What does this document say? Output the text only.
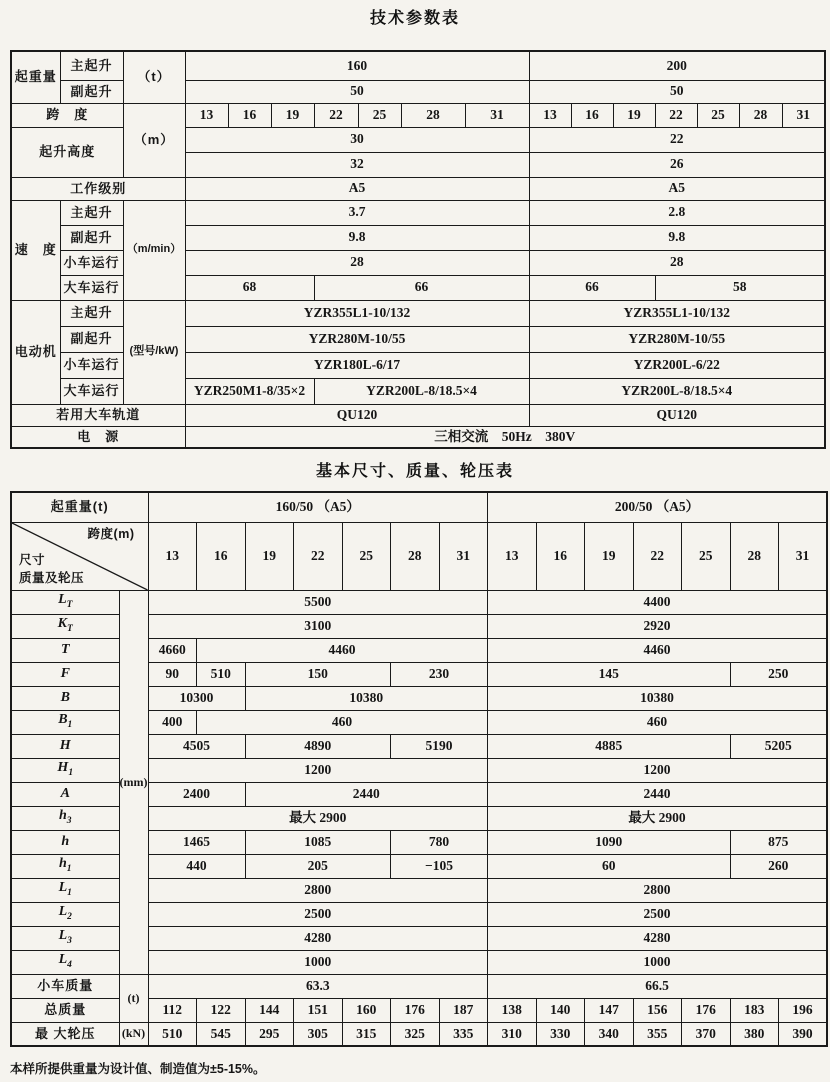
技术参数表
起重量	主起升	（t）	160							200						
	副起升		50							50						
跨　度		（m）	13	16	19	22	25	28	31	13	16	19	22	25	28	31
起升高度			30							22						
			32							26						
工作级别			A5							A5						
速　度	主起升	（m/min）	3.7							2.8						
	副起升		9.8							9.8						
	小车运行		28							28						
	大车运行		68			66				66			58			
电动机	主起升	(型号/kW)	YZR355L1-10/132							YZR355L1-10/132						
	副起升		YZR280M-10/55							YZR280M-10/55						
	小车运行		YZR180L-6/17							YZR200L-6/22						
	大车运行		YZR250M1-8/35×2			YZR200L-8/18.5×4				YZR200L-8/18.5×4						
若用大车轨道			QU120							QU120						
电　源			三相交流　50Hz　380V													
基本尺寸、质量、轮压表
起重量(t)		160/50 （A5）							200/50 （A5）						

跨度(m)
尺寸
质量及轮压		13	16	19	22	25	28	31	13	16	19	22	25	28	31
$L_T$	(mm)	5500							4400						
$K_T$		3100							2920						
T		4660	4460						4460						
F		90	510	150			230		145					250	
B		10300		10380					10380						
$B_1$		400	460						460						
H		4505		4890			5190		4885					5205	
$H_1$		1200							1200						
A		2400		2440					2440						
$h_3$		最大 2900							最大 2900						
h		1465		1085			780		1090					875	
$h_1$		440		205			−105		60					260	
$L_1$		2800							2800						
$L_2$		2500							2500						
$L_3$		4280							4280						
$L_4$		1000							1000						
小车质量	(t)	63.3							66.5						
总质量		112	122	144	151	160	176	187	138	140	147	156	176	183	196
最 大轮压	(kN)	510	545	295	305	315	325	335	310	330	340	355	370	380	390
本样所提供重量为设计值、制造值为±5-15%。
